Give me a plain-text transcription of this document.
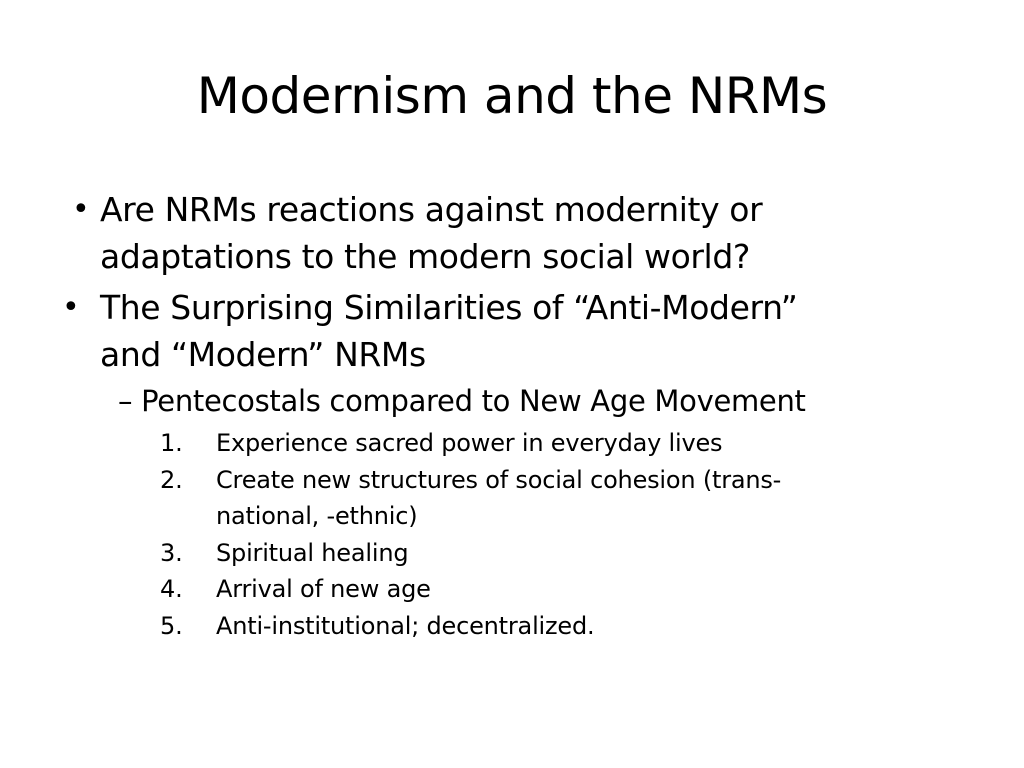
Modernism and the NRMs
• Are NRMs reactions against modernity or
adaptations to the modern social world?
• The Surprising Similarities of “Anti-Modern”
and “Modern” NRMs
– Pentecostals compared to New Age Movement
1.	Experience sacred power in everyday lives
2.	Create new structures of social cohesion (trans-
national, -ethnic)
3.	Spiritual healing
4.	Arrival of new age
5.	Anti-institutional; decentralized.
